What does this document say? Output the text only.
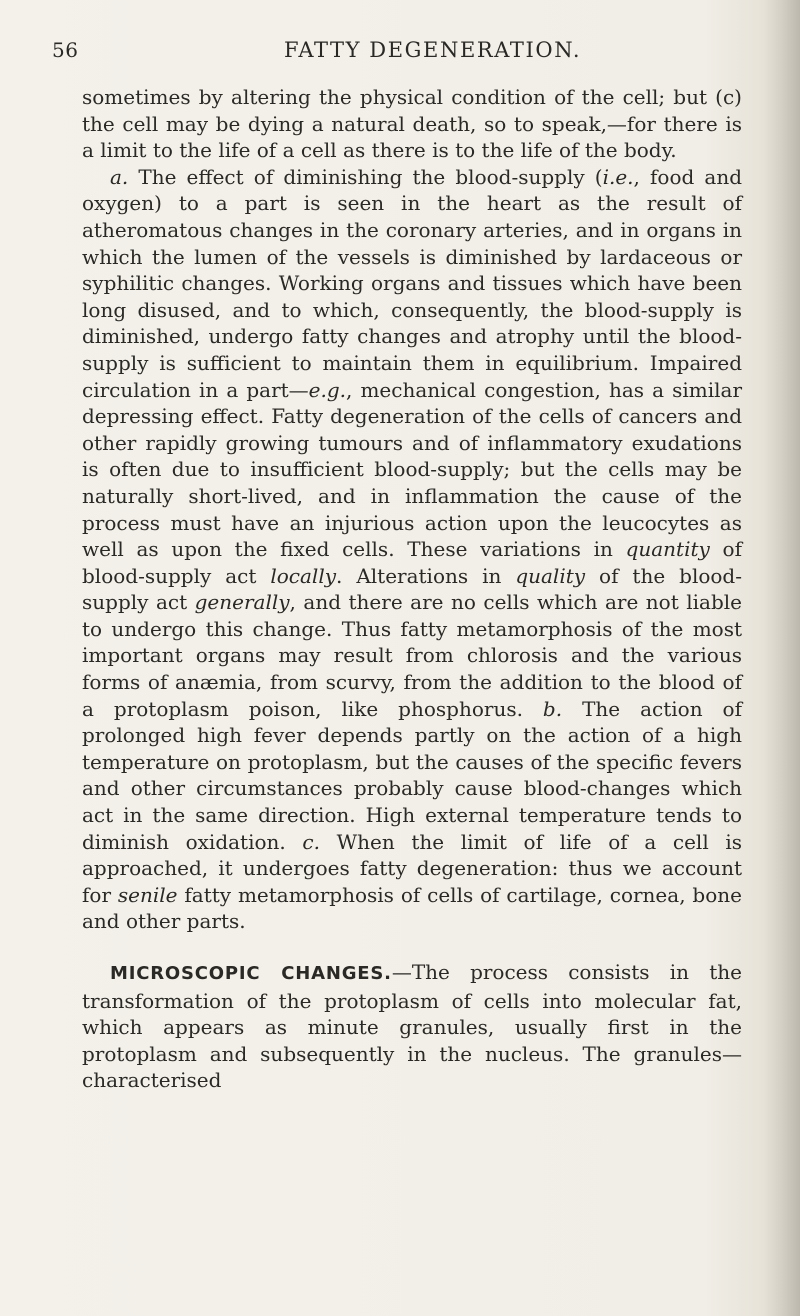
56	FATTY DEGENERATION.

sometimes by altering the physical condition of the cell; but (c) the cell may be dying a natural death, so to speak,—for there is a limit to the life of a cell as there is to the life of the body.

a. The effect of diminishing the blood-supply (i.e., food and oxygen) to a part is seen in the heart as the result of atheromatous changes in the coronary arteries, and in organs in which the lumen of the vessels is diminished by lardaceous or syphilitic changes. Working organs and tissues which have been long disused, and to which, consequently, the blood-supply is diminished, undergo fatty changes and atrophy until the blood-supply is sufficient to maintain them in equilibrium. Impaired circulation in a part—e.g., mechanical congestion, has a similar depressing effect. Fatty degeneration of the cells of cancers and other rapidly growing tumours and of inflammatory exudations is often due to insufficient blood-supply; but the cells may be naturally short-lived, and in inflammation the cause of the process must have an injurious action upon the leucocytes as well as upon the fixed cells. These variations in quantity of blood-supply act locally. Alterations in quality of the blood-supply act generally, and there are no cells which are not liable to undergo this change. Thus fatty metamorphosis of the most important organs may result from chlorosis and the various forms of anæmia, from scurvy, from the addition to the blood of a protoplasm poison, like phosphorus. b. The action of prolonged high fever depends partly on the action of a high temperature on protoplasm, but the causes of the specific fevers and other circumstances probably cause blood-changes which act in the same direction. High external temperature tends to diminish oxidation. c. When the limit of life of a cell is approached, it undergoes fatty degeneration: thus we account for senile fatty metamorphosis of cells of cartilage, cornea, bone and other parts.

MICROSCOPIC CHANGES.—The process consists in the transformation of the protoplasm of cells into molecular fat, which appears as minute granules, usually first in the protoplasm and subsequently in the nucleus. The granules—characterised
